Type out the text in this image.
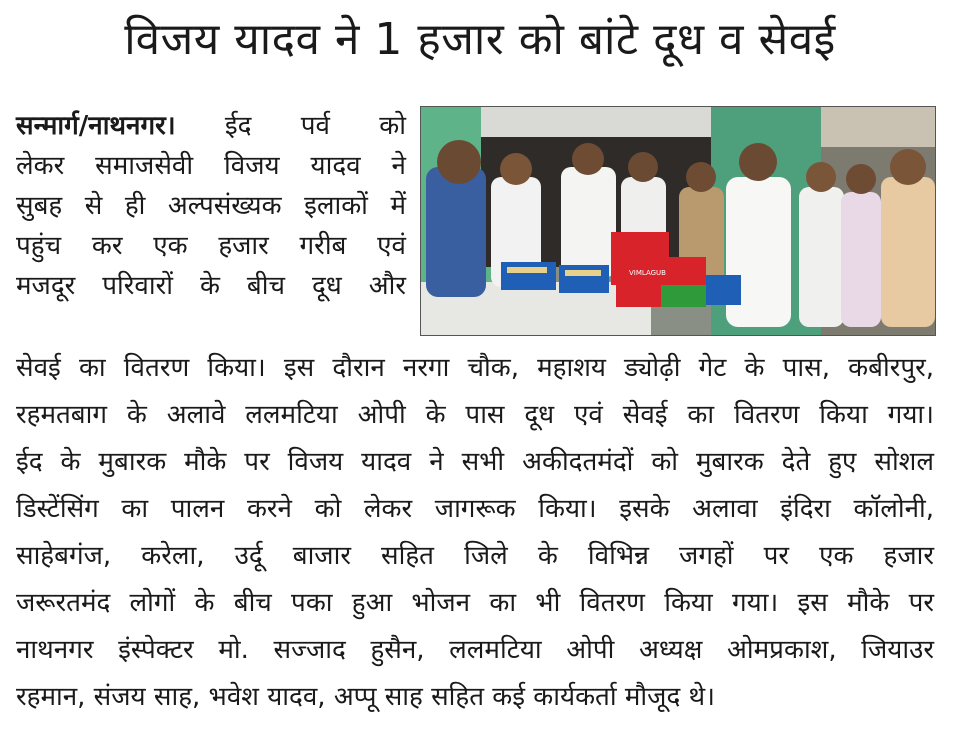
विजय यादव ने 1 हजार को बांटे दूध व सेवई
सन्मार्ग/नाथनगर। ईद पर्व को
लेकर समाजसेवी विजय यादव ने
सुबह से ही अल्पसंख्यक इलाकों में
पहुंच कर एक हजार गरीब एवं
मजदूर परिवारों के बीच दूध और
सेवई का वितरण किया। इस दौरान नरगा चौक, महाशय ड्योढ़ी गेट के पास, कबीरपुर,
रहमतबाग के अलावे ललमटिया ओपी के पास दूध एवं सेवई का वितरण किया गया।
ईद के मुबारक मौके पर विजय यादव ने सभी अकीदतमंदों को मुबारक देते हुए सोशल
डिस्टेंसिंग का पालन करने को लेकर जागरूक किया। इसके अलावा इंदिरा कॉलोनी,
साहेबगंज, करेला, उर्दू बाजार सहित जिले के विभिन्न जगहों पर एक हजार
जरूरतमंद लोगों के बीच पका हुआ भोजन का भी वितरण किया गया। इस मौके पर
नाथनगर इंस्पेक्टर मो. सज्जाद हुसैन, ललमटिया ओपी अध्यक्ष ओमप्रकाश, जियाउर
रहमान, संजय साह, भवेश यादव, अप्पू साह सहित कई कार्यकर्ता मौजूद थे।
VIMLAGUB
